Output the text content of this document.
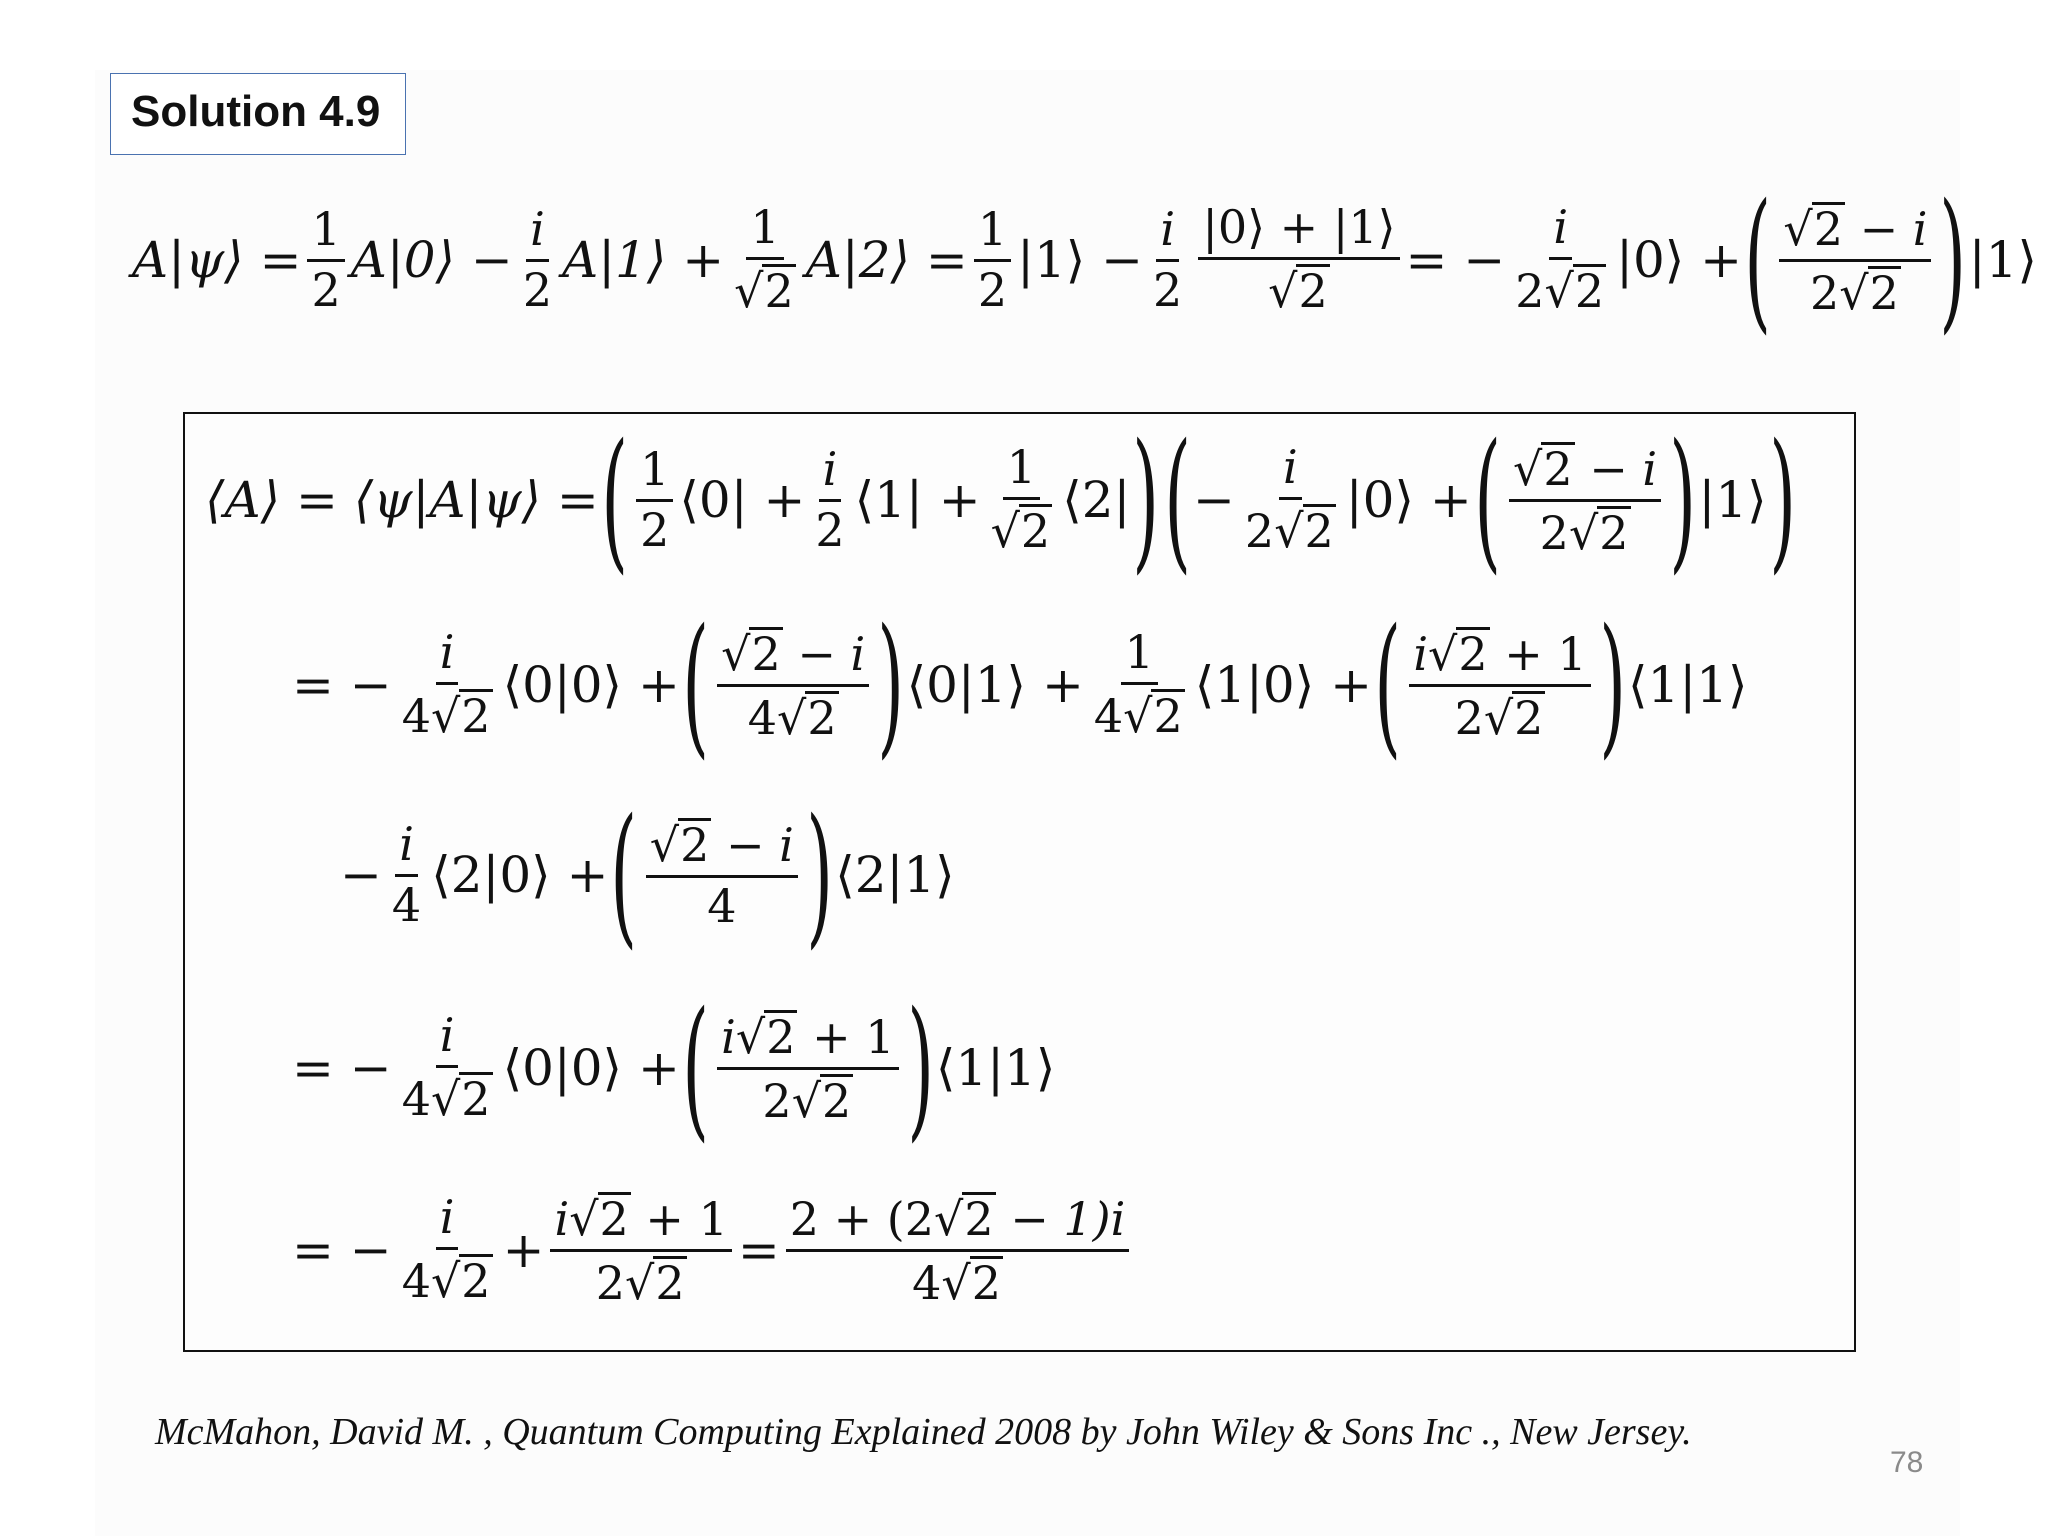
Solution 4.9
A|ψ⟩ = $\frac{1}{2}$ A|0⟩ − $\frac{i}{2}$ A|1⟩ + $\frac{1}{√ 2}$ A|2⟩ = $\frac{1}{2}$ |1⟩ − $\frac{i}{2} \frac{|0⟩ + |1⟩}{√ 2}$ = − $\frac{i}{2 √ 2}$ |0⟩ + ( $\frac{√ 2 - i}{2 √ 2}$ ) |1⟩
⟨A⟩ = ⟨ψ|A|ψ⟩ = ( $\frac{1}{2}$ ⟨0| + $\frac{i}{2}$ ⟨1| + $\frac{1}{√ 2}$ ⟨2| ) ( − $\frac{i}{2 √ 2}$ |0⟩ + ( $\frac{√ 2 - i}{2 √ 2}$ ) |1⟩ )
= − $\frac{i}{4 √ 2}$ ⟨0|0⟩ + ( $\frac{√ 2 - i}{4 √ 2}$ ) ⟨0|1⟩ + $\frac{1}{4 √ 2}$ ⟨1|0⟩ + ( $\frac{i √ 2 + 1}{2 √ 2}$ ) ⟨1|1⟩
− $\frac{i}{4}$ ⟨2|0⟩ + ( $\frac{√ 2 - i}{4}$ ) ⟨2|1⟩
= − $\frac{i}{4 √ 2}$ ⟨0|0⟩ + ( $\frac{i √ 2 + 1}{2 √ 2}$ ) ⟨1|1⟩
= − $\frac{i}{4 √ 2} + \frac{i √ 2 + 1}{2 √ 2} = \frac{2 + (2 √ 2 - 1)i}{4 √ 2}$
McMahon, David M. , Quantum Computing Explained 2008 by John Wiley & Sons Inc ., New Jersey.
78
